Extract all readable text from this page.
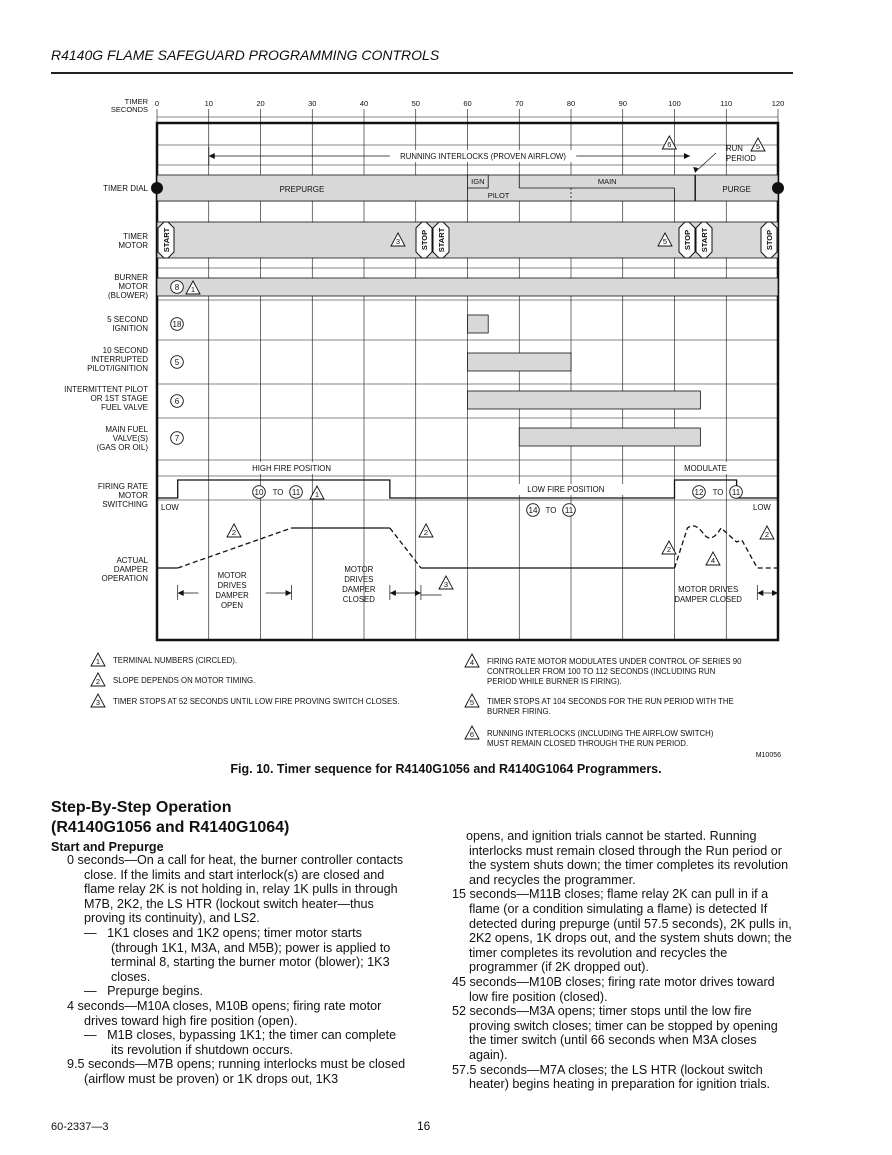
R4140G FLAME SAFEGUARD PROGRAMMING CONTROLS
0	10	20	30	40	50	60	70	80	90	100	110	120
TIMER
SECONDS
PREPURGE
IGN
PILOT
MAIN
PURGE
TIMER DIAL
RUNNING INTERLOCKS (PROVEN AIRFLOW)
6	RUN
PERIOD
5
TIMER
MOTOR START	STOP START	STOP START	STOP
3	5
BURNER
MOTOR
(BLOWER)
8 1
5 SECOND
IGNITION	18
10 SECOND
INTERRUPTED
PILOT/IGNITION
5
INTERMITTENT PILOT
OR 1ST STAGE
FUEL VALVE
6
MAIN FUEL
VALVE(S)
(GAS OR OIL)
7
HIGH FIRE POSITION	MODULATE
FIRING RATE
MOTOR
SWITCHING LOW	LOW
10 TO 11 1
LOW FIRE POSITION
14 TO 11
12 TO 11
ACTUAL
DAMPER
OPERATION
2	2
2
2
4
3
MOTOR
DRIVES
DAMPER
OPEN
MOTOR
DRIVES
DAMPER
CLOSED
MOTOR DRIVES
DAMPER CLOSED
1 TERMINAL NUMBERS (CIRCLED).
2 SLOPE DEPENDS ON MOTOR TIMING.
3 TIMER STOPS AT 52 SECONDS UNTIL LOW FIRE PROVING SWITCH CLOSES.
4 FIRING RATE MOTOR MODULATES UNDER CONTROL OF SERIES 90
CONTROLLER FROM 100 TO 112 SECONDS (INCLUDING RUN
PERIOD WHILE BURNER IS FIRING).
5 TIMER STOPS AT 104 SECONDS FOR THE RUN PERIOD WITH THE
BURNER FIRING.
6 RUNNING INTERLOCKS (INCLUDING THE AIRFLOW SWITCH)
MUST REMAIN CLOSED THROUGH THE RUN PERIOD.
M10056
Fig. 10. Timer sequence for R4140G1056 and R4140G1064 Programmers.
Step-By-Step Operation
(R4140G1056 and R4140G1064)
Start and Prepurge

0 seconds—On a call for heat, the burner controller contacts close. If the limits and start interlock(s) are closed and flame relay 2K is not holding in, relay 1K pulls in through M7B, 2K2, the LS HTR (lockout switch heater—thus proving its continuity), and LS2.

—   1K1 closes and 1K2 opens; timer motor starts (through 1K1, M3A, and M5B); power is applied to terminal 8, starting the burner motor (blower); 1K3 closes.

—   Prepurge begins.

4 seconds—M10A closes, M10B opens; firing rate motor drives toward high fire position (open).

—   M1B closes, bypassing 1K1; the timer can complete its revolution if shutdown occurs.

9.5 seconds—M7B opens; running interlocks must be closed (airflow must be proven) or 1K drops out, 1K3

opens, and ignition trials cannot be started. Running interlocks must remain closed through the Run period or the system shuts down; the timer completes its revolution and recycles the programmer.

15 seconds—M11B closes; flame relay 2K can pull in if a flame (or a condition simulating a flame) is detected If detected during prepurge (until 57.5 seconds), 2K pulls in, 2K2 opens, 1K drops out, and the system shuts down; the timer completes its revolution and recycles the programmer (if 2K dropped out).

45 seconds—M10B closes; firing rate motor drives toward low fire position (closed).

52 seconds—M3A opens; timer stops until the low fire proving switch closes; timer can be stopped by opening the timer switch (until 66 seconds when M3A closes again).

57.5 seconds—M7A closes; the LS HTR (lockout switch heater) begins heating in preparation for ignition trials.

60-2337—3	16
